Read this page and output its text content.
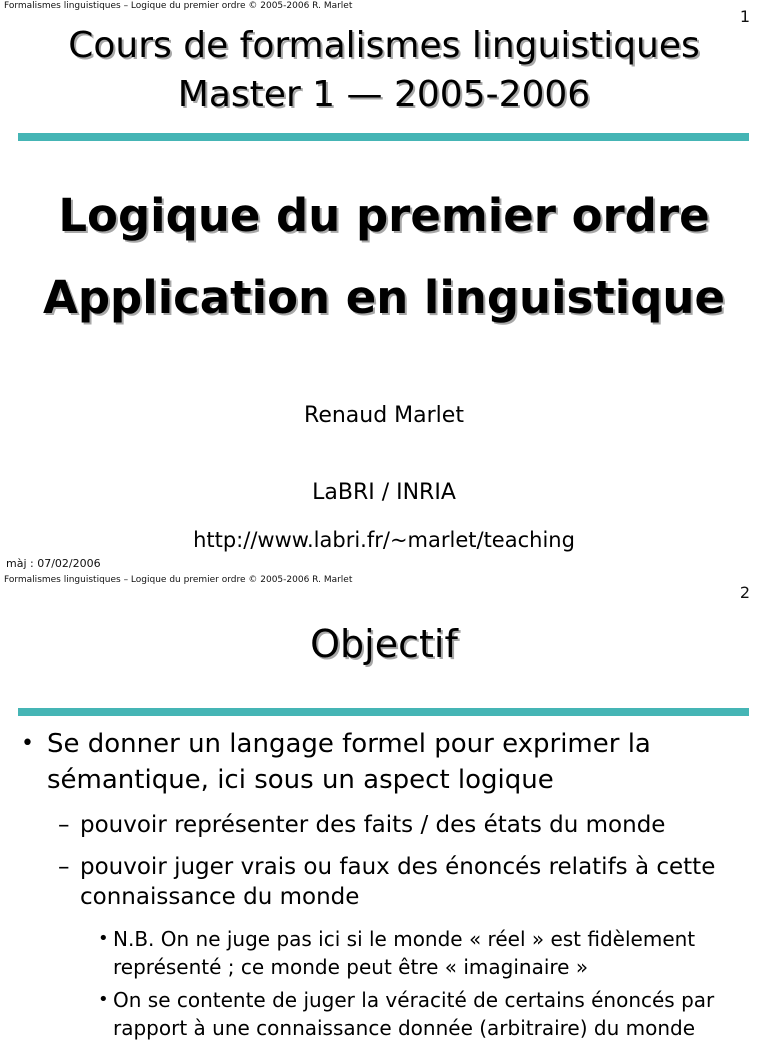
Formalismes linguistiques – Logique du premier ordre © 2005-2006 R. Marlet
1
Cours de formalismes linguistiques
Master 1 — 2005-2006
Logique du premier ordre
Application en linguistique
Renaud Marlet
LaBRI / INRIA
http://www.labri.fr/~marlet/teaching
màj : 07/02/2006
Formalismes linguistiques – Logique du premier ordre © 2005-2006 R. Marlet
2
Objectif
• Se donner un langage formel pour exprimer la
sémantique, ici sous un aspect logique
– pouvoir représenter des faits / des états du monde
– pouvoir juger vrais ou faux des énoncés relatifs à cette
connaissance du monde
• N.B. On ne juge pas ici si le monde « réel » est fidèlement
représenté ; ce monde peut être « imaginaire »
• On se contente de juger la véracité de certains énoncés par
rapport à une connaissance donnée (arbitraire) du monde
